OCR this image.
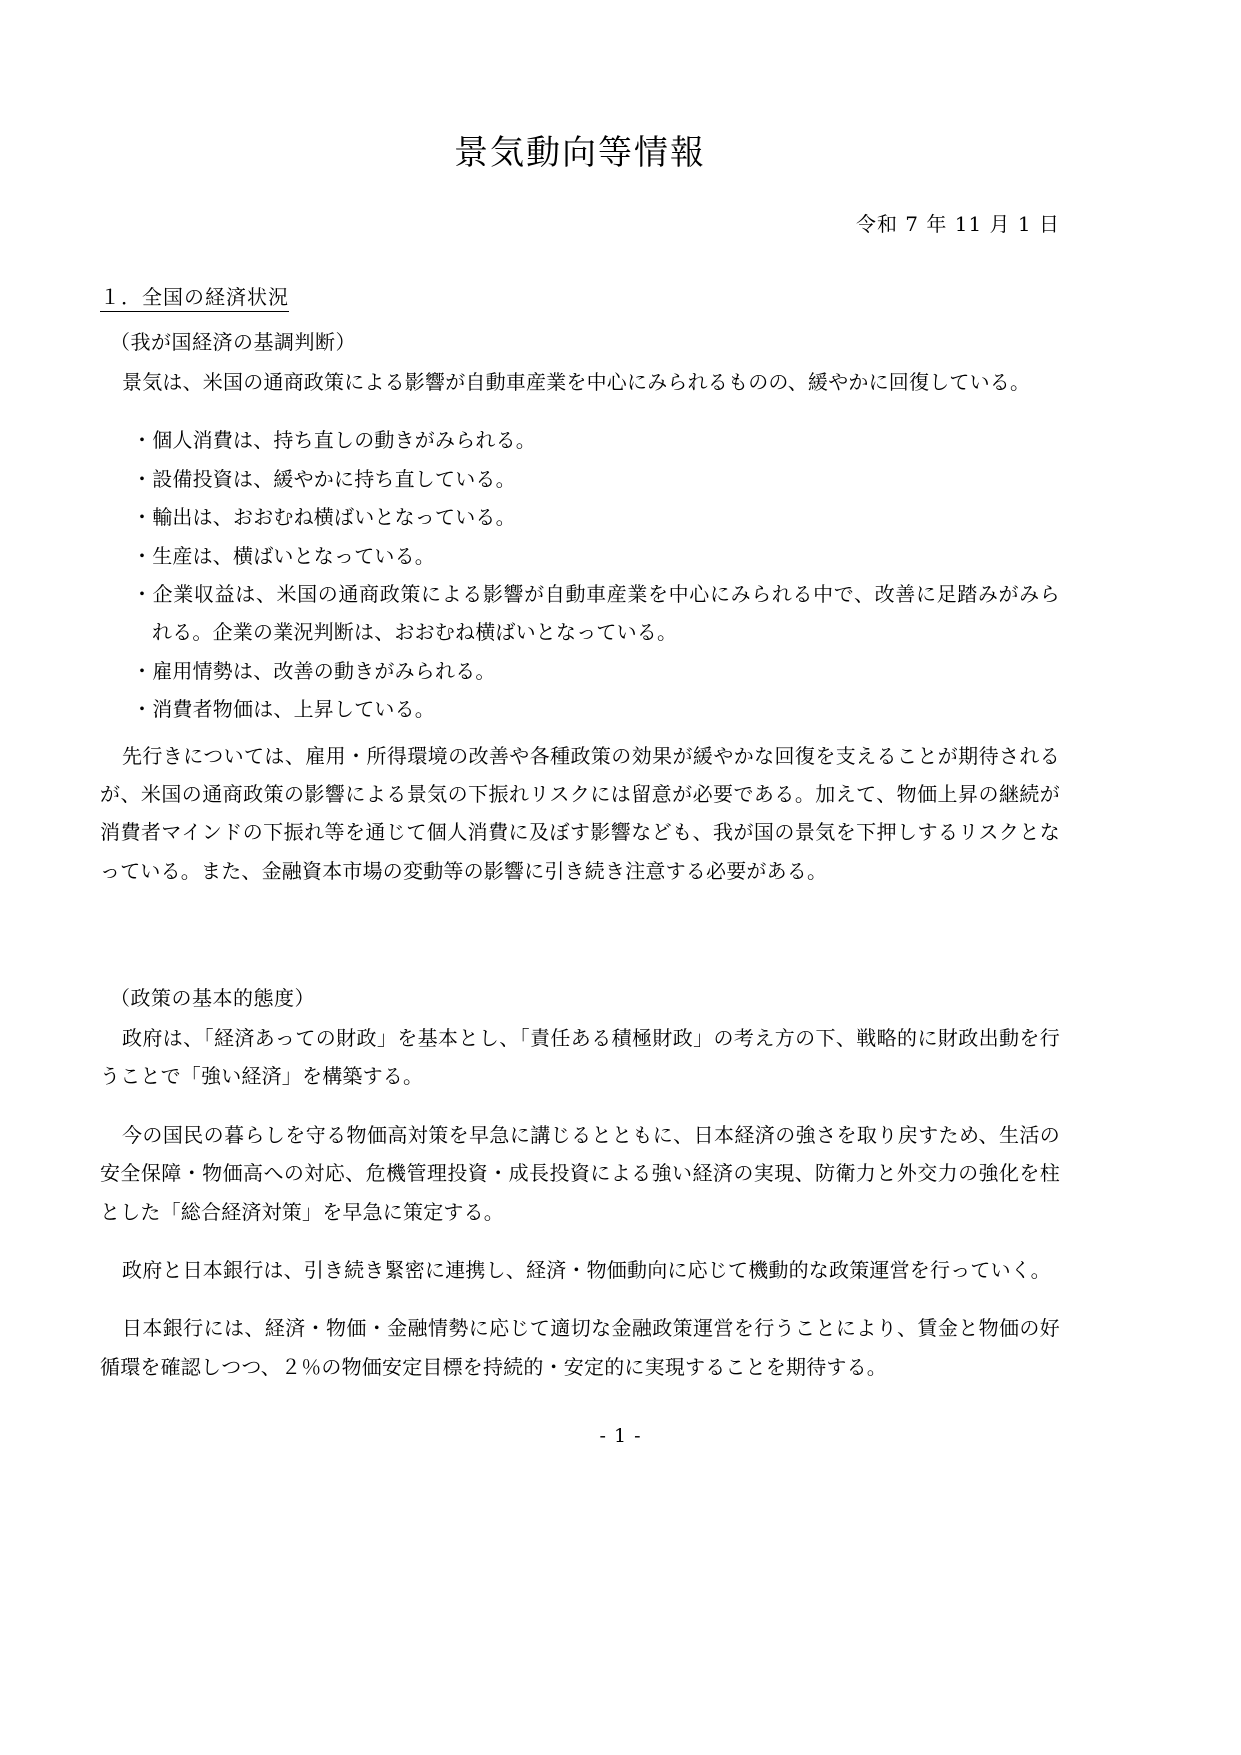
景気動向等情報
令和 7 年 11 月 1 日
１．全国の経済状況
（我が国経済の基調判断）

景気は、米国の通商政策による影響が自動車産業を中心にみられるものの、緩やかに回復している。

・個人消費は、持ち直しの動きがみられる。
・設備投資は、緩やかに持ち直している。
・輸出は、おおむね横ばいとなっている。
・生産は、横ばいとなっている。
・企業収益は、米国の通商政策による影響が自動車産業を中心にみられる中で、改善に足踏みがみられる。企業の業況判断は、おおむね横ばいとなっている。
・雇用情勢は、改善の動きがみられる。
・消費者物価は、上昇している。

先行きについては、雇用・所得環境の改善や各種政策の効果が緩やかな回復を支えることが期待されるが、米国の通商政策の影響による景気の下振れリスクには留意が必要である。加えて、物価上昇の継続が消費者マインドの下振れ等を通じて個人消費に及ぼす影響なども、我が国の景気を下押しするリスクとなっている。また、金融資本市場の変動等の影響に引き続き注意する必要がある。

（政策の基本的態度）

政府は、「経済あっての財政」を基本とし、「責任ある積極財政」の考え方の下、戦略的に財政出動を行うことで「強い経済」を構築する。

今の国民の暮らしを守る物価高対策を早急に講じるとともに、日本経済の強さを取り戻すため、生活の安全保障・物価高への対応、危機管理投資・成長投資による強い経済の実現、防衛力と外交力の強化を柱とした「総合経済対策」を早急に策定する。

政府と日本銀行は、引き続き緊密に連携し、経済・物価動向に応じて機動的な政策運営を行っていく。

日本銀行には、経済・物価・金融情勢に応じて適切な金融政策運営を行うことにより、賃金と物価の好循環を確認しつつ、２％の物価安定目標を持続的・安定的に実現することを期待する。

- 1 -
